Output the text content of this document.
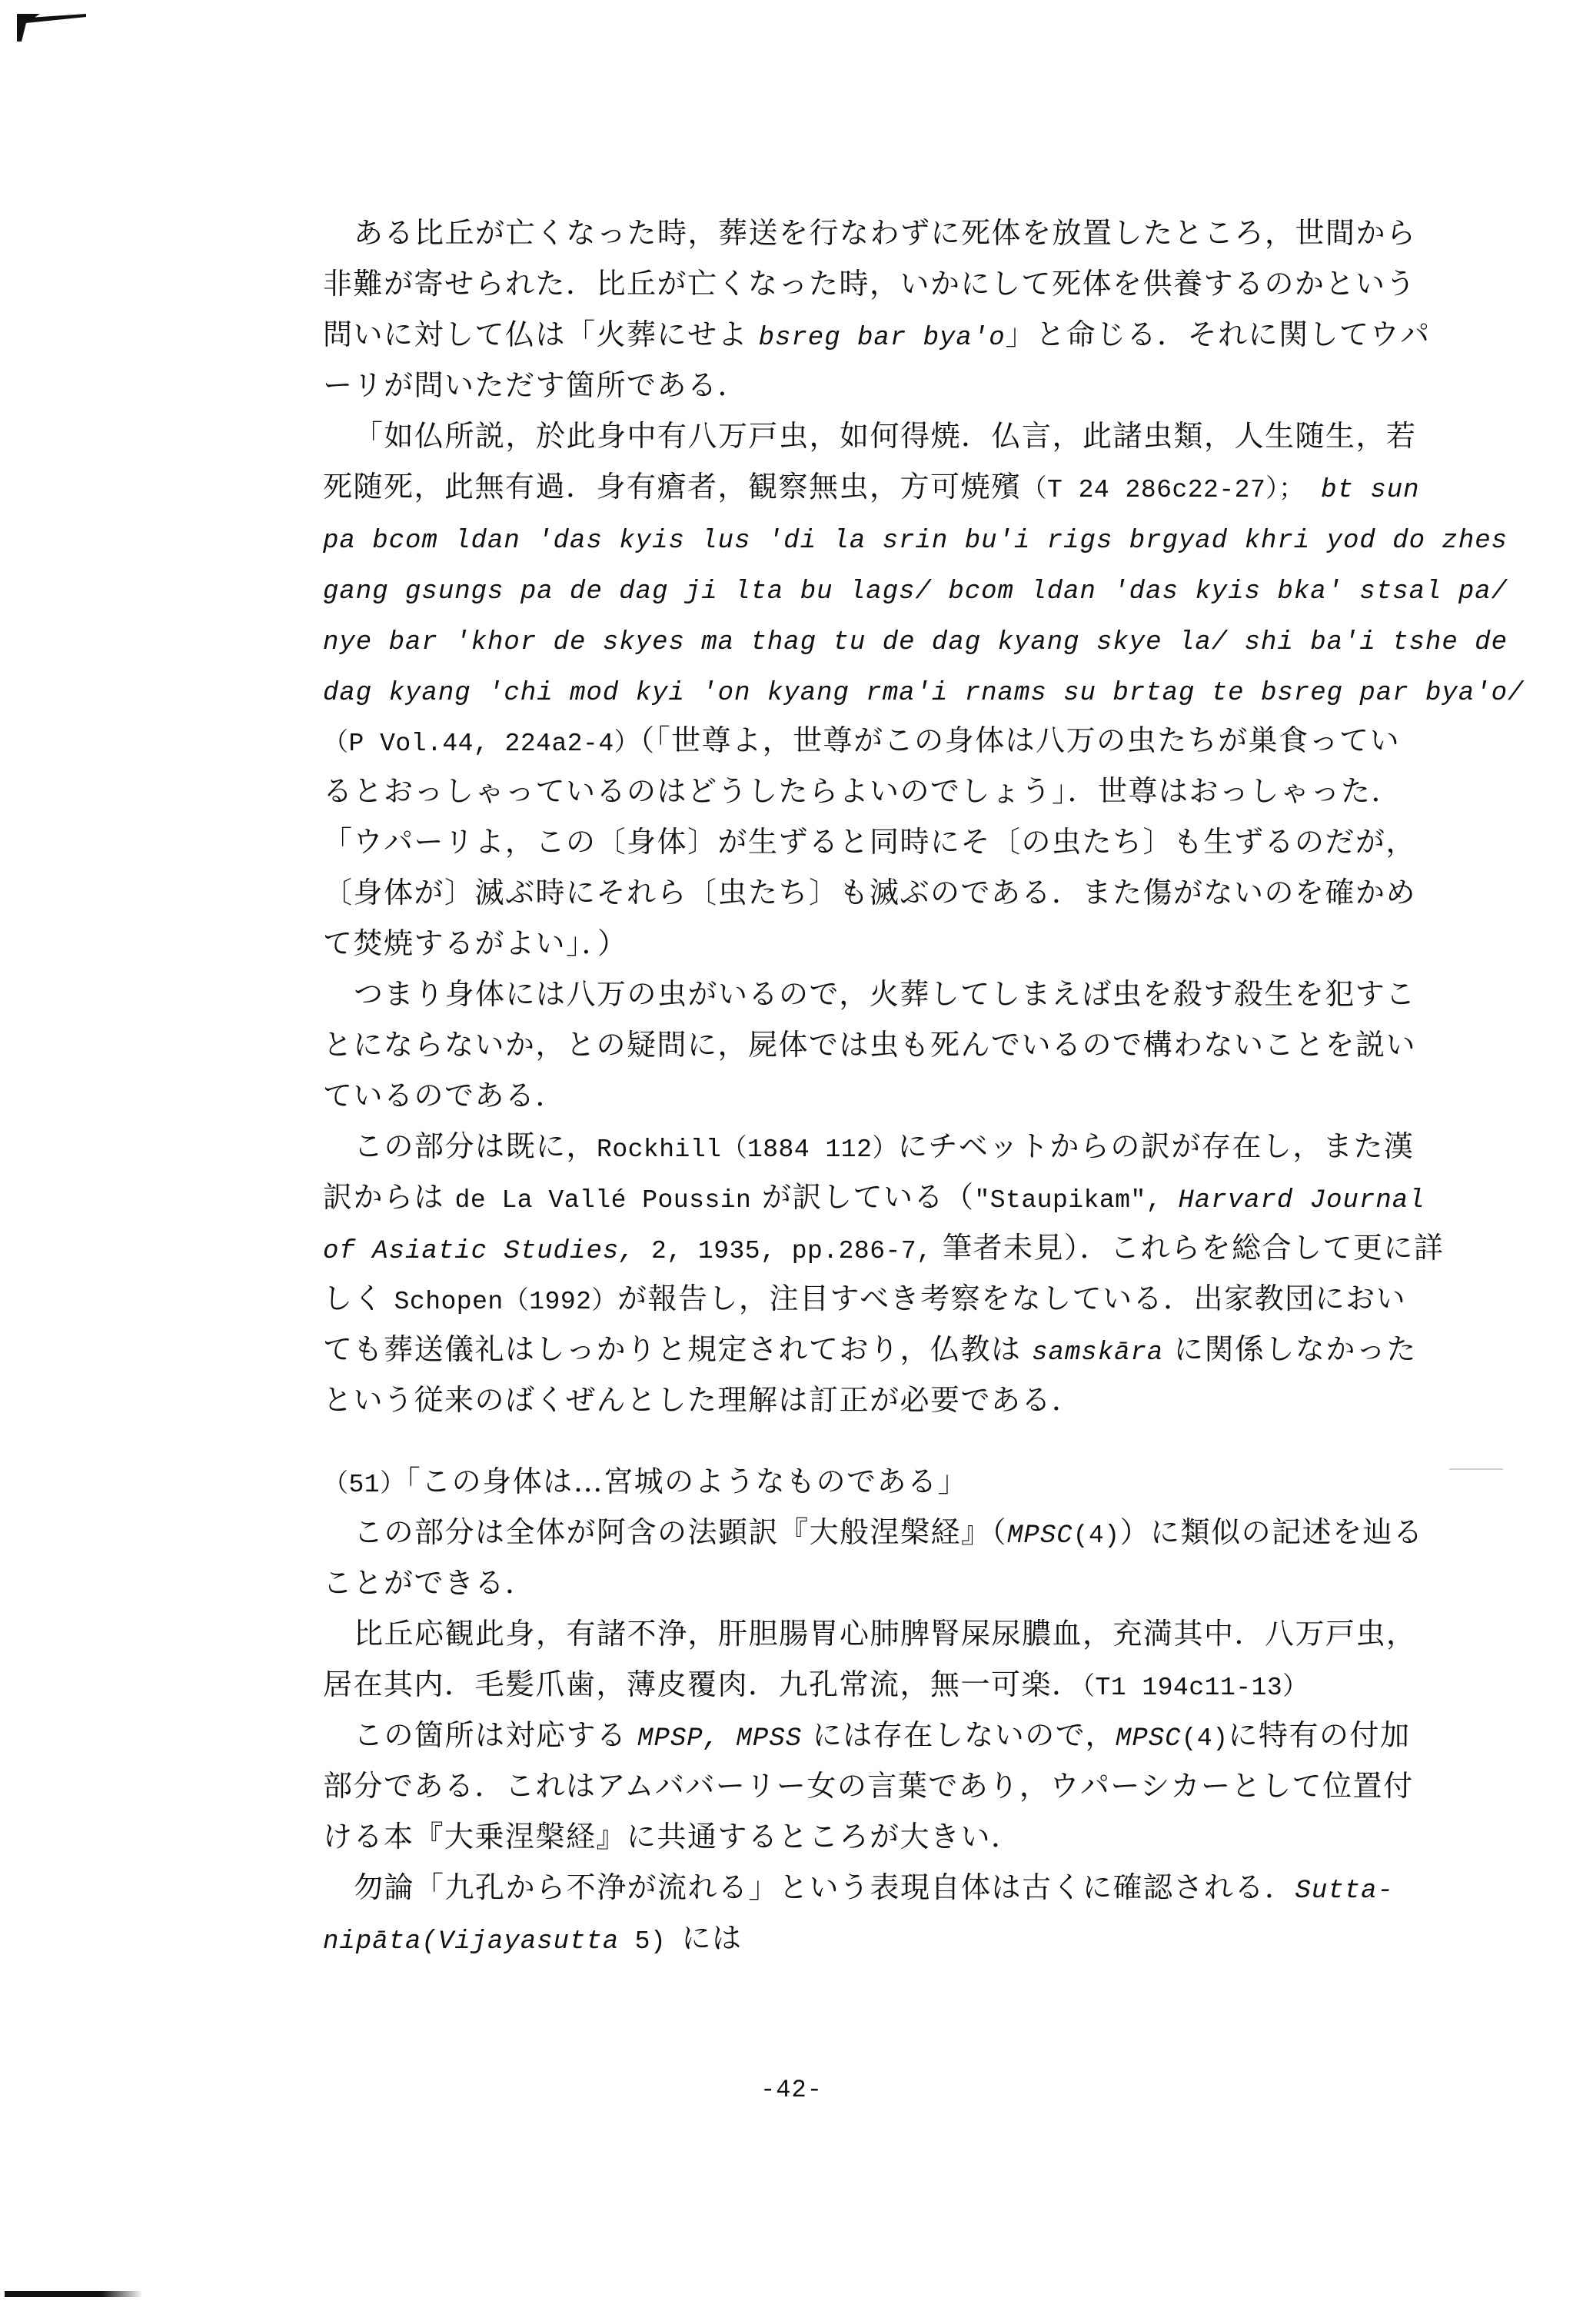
ある比丘が亡くなった時，葬送を行なわずに死体を放置したところ，世間から
非難が寄せられた．比丘が亡くなった時，いかにして死体を供養するのかという
問いに対して仏は「火葬にせよ bsreg bar bya'o」と命じる．それに関してウパ
ーリが問いただす箇所である．
「如仏所説，於此身中有八万戸虫，如何得焼．仏言，此諸虫類，人生随生，若
死随死，此無有過．身有瘡者，観察無虫，方可焼殯（T 24 286c22-27）； bt sun
pa bcom ldan 'das kyis lus 'di la srin bu'i rigs brgyad khri yod do zhes
gang gsungs pa de dag ji lta bu lags/ bcom ldan 'das kyis bka' stsal pa/
nye bar 'khor de skyes ma thag tu de dag kyang skye la/ shi ba'i tshe de
dag kyang 'chi mod kyi 'on kyang rma'i rnams su brtag te bsreg par bya'o/
（P Vol.44, 224a2-4）（「世尊よ，世尊がこの身体は八万の虫たちが巣食ってい
るとおっしゃっているのはどうしたらよいのでしょう」．世尊はおっしゃった．
「ウパーリよ，この〔身体〕が生ずると同時にそ〔の虫たち〕も生ずるのだが，
〔身体が〕滅ぶ時にそれら〔虫たち〕も滅ぶのである．また傷がないのを確かめ
て焚焼するがよい」．）
つまり身体には八万の虫がいるので，火葬してしまえば虫を殺す殺生を犯すこ
とにならないか，との疑問に，屍体では虫も死んでいるので構わないことを説い
ているのである．
この部分は既に，Rockhill（1884 112）にチベットからの訳が存在し，また漢
訳からは de La Vallé Poussin が訳している（"Staupikam", Harvard Journal
of Asiatic Studies, 2, 1935, pp.286-7, 筆者未見）．これらを総合して更に詳
しく Schopen（1992）が報告し，注目すべき考察をなしている．出家教団におい
ても葬送儀礼はしっかりと規定されており，仏教は samskāra に関係しなかった
という従来のばくぜんとした理解は訂正が必要である．
（51）「この身体は…宮城のようなものである」
この部分は全体が阿含の法顕訳『大般涅槃経』（MPSC(4)）に類似の記述を辿る
ことができる．
比丘応観此身，有諸不浄，肝胆腸胃心肺脾腎屎尿膿血，充満其中．八万戸虫，
居在其内．毛髪爪歯，薄皮覆肉．九孔常流，無一可楽．（T1 194c11-13）
この箇所は対応する MPSP, MPSS には存在しないので，MPSC(4)に特有の付加
部分である．これはアムババーリー女の言葉であり，ウパーシカーとして位置付
ける本『大乗涅槃経』に共通するところが大きい．
勿論「九孔から不浄が流れる」という表現自体は古くに確認される．Sutta-
nipāta(Vijayasutta 5) には
-42-
